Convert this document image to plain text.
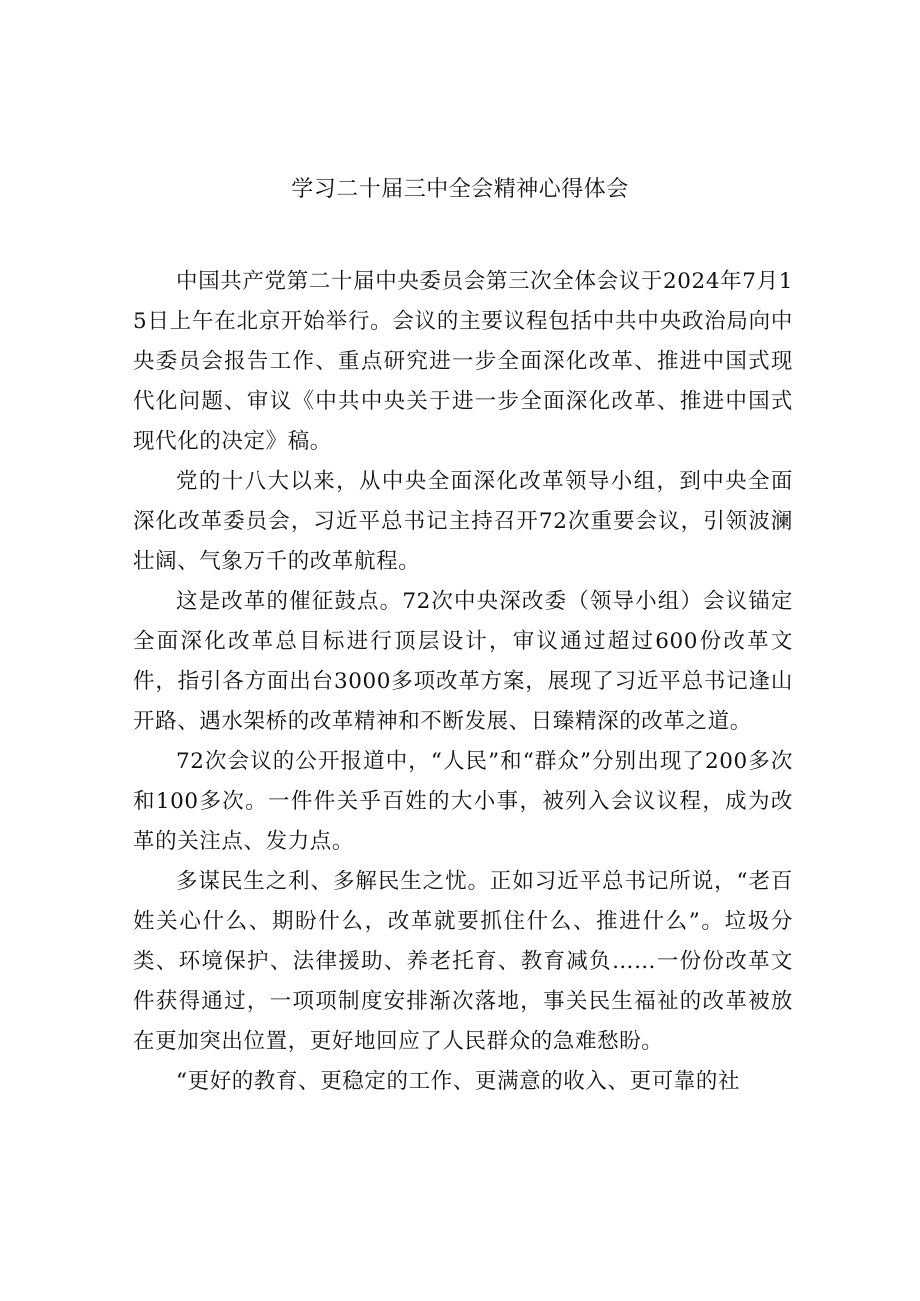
学习二十届三中全会精神心得体会

中国共产党第二十届中央委员会第三次全体会议于2024年7月15日上午在北京开始举行。会议的主要议程包括中共中央政治局向中央委员会报告工作、重点研究进一步全面深化改革、推进中国式现代化问题、审议《中共中央关于进一步全面深化改革、推进中国式现代化的决定》稿。

党的十八大以来，从中央全面深化改革领导小组，到中央全面深化改革委员会，习近平总书记主持召开72次重要会议，引领波澜壮阔、气象万千的改革航程。

这是改革的催征鼓点。72次中央深改委（领导小组）会议锚定全面深化改革总目标进行顶层设计，审议通过超过600份改革文件，指引各方面出台3000多项改革方案，展现了习近平总书记逢山开路、遇水架桥的改革精神和不断发展、日臻精深的改革之道。

72次会议的公开报道中，“人民”和“群众”分别出现了200多次和100多次。一件件关乎百姓的大小事，被列入会议议程，成为改革的关注点、发力点。

多谋民生之利、多解民生之忧。正如习近平总书记所说，“老百姓关心什么、期盼什么，改革就要抓住什么、推进什么”。垃圾分类、环境保护、法律援助、养老托育、教育减负……一份份改革文件获得通过，一项项制度安排渐次落地，事关民生福祉的改革被放在更加突出位置，更好地回应了人民群众的急难愁盼。

“更好的教育、更稳定的工作、更满意的收入、更可靠的社
